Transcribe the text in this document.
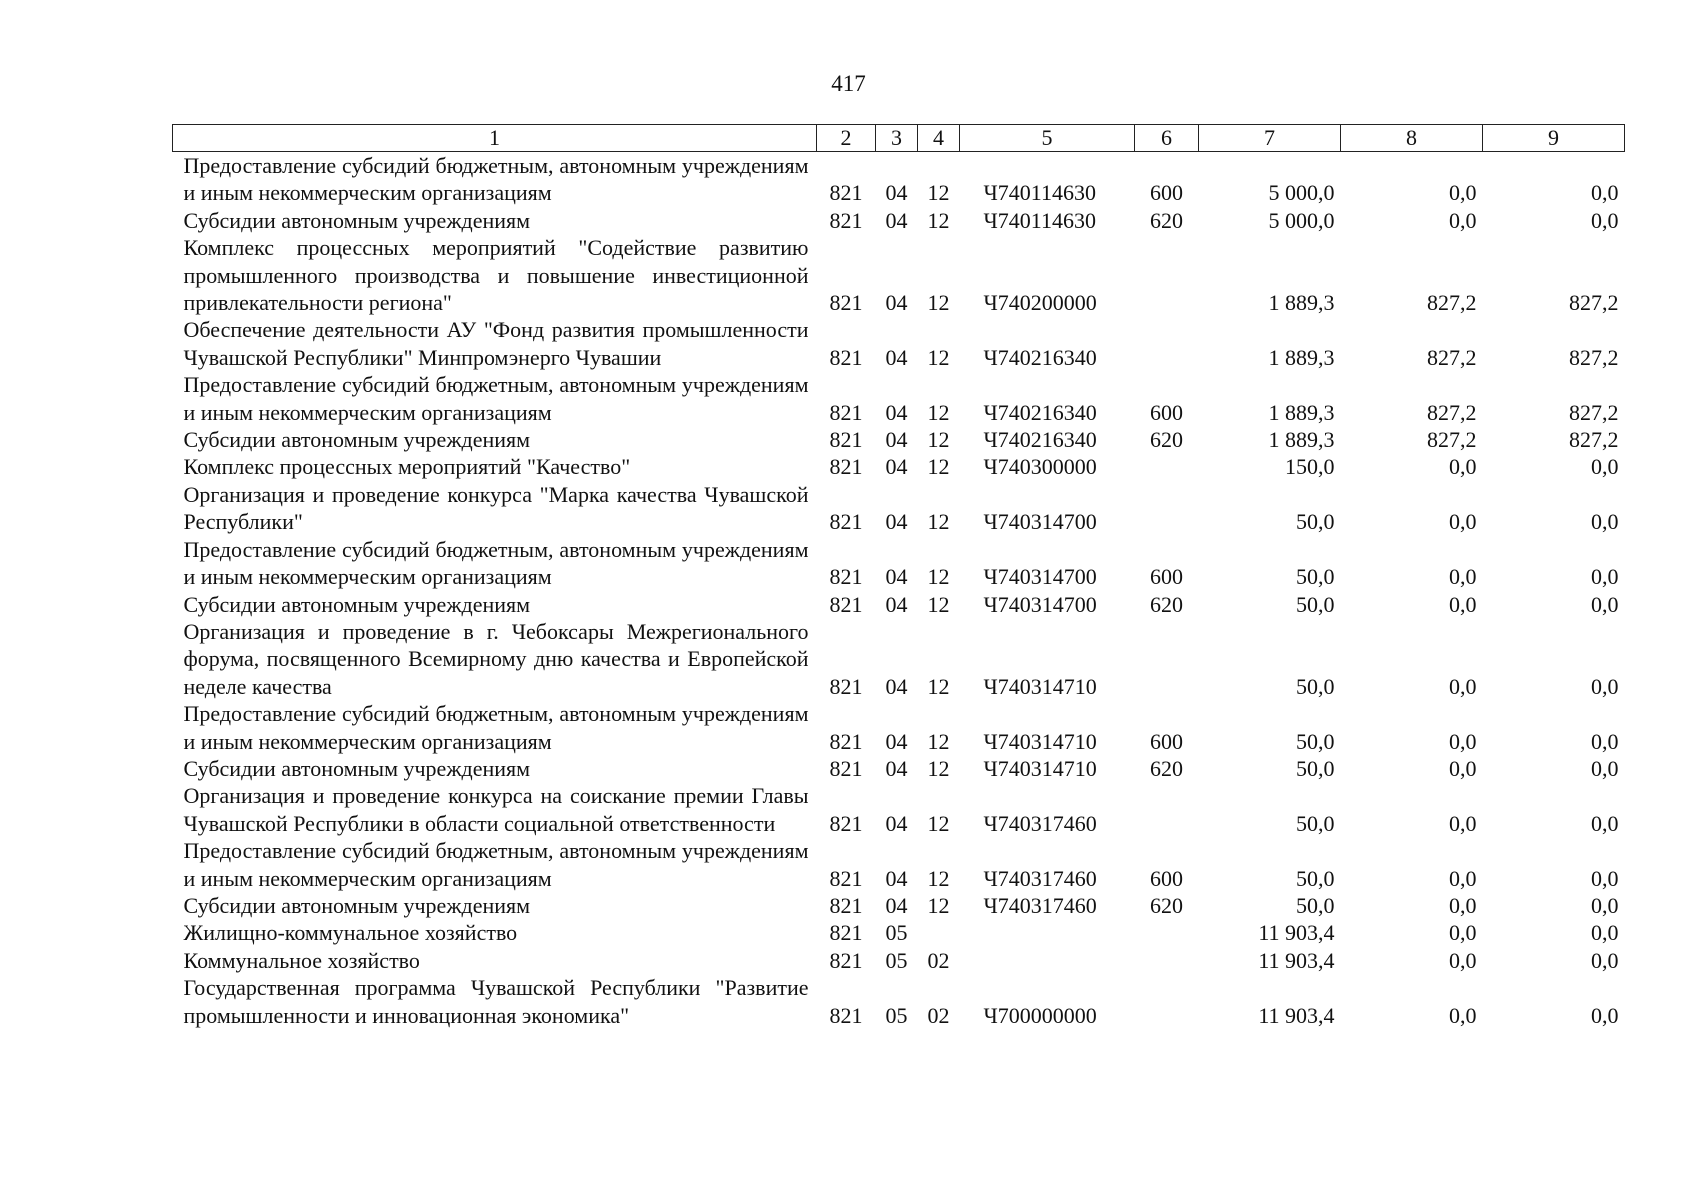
417
1	2	3	4	5	6	7	8	9
Предоставление субсидий бюджетным, автономным учреждениям и иным некоммерческим организациям	821	04	12	Ч740114630	600	5 000,0	0,0	0,0
Субсидии автономным учреждениям	821	04	12	Ч740114630	620	5 000,0	0,0	0,0
Комплекс процессных мероприятий "Содействие развитию промышленного производства и повышение инвестиционной привлекательности региона"	821	04	12	Ч740200000		1 889,3	827,2	827,2
Обеспечение деятельности АУ "Фонд развития промышленности Чувашской Республики" Минпромэнерго Чувашии	821	04	12	Ч740216340		1 889,3	827,2	827,2
Предоставление субсидий бюджетным, автономным учреждениям и иным некоммерческим организациям	821	04	12	Ч740216340	600	1 889,3	827,2	827,2
Субсидии автономным учреждениям	821	04	12	Ч740216340	620	1 889,3	827,2	827,2
Комплекс процессных мероприятий "Качество"	821	04	12	Ч740300000		150,0	0,0	0,0
Организация и проведение конкурса "Марка качества Чувашской Республики"	821	04	12	Ч740314700		50,0	0,0	0,0
Предоставление субсидий бюджетным, автономным учреждениям и иным некоммерческим организациям	821	04	12	Ч740314700	600	50,0	0,0	0,0
Субсидии автономным учреждениям	821	04	12	Ч740314700	620	50,0	0,0	0,0
Организация и проведение в г. Чебоксары Межрегионального форума, посвященного Всемирному дню качества и Европейской неделе качества	821	04	12	Ч740314710		50,0	0,0	0,0
Предоставление субсидий бюджетным, автономным учреждениям и иным некоммерческим организациям	821	04	12	Ч740314710	600	50,0	0,0	0,0
Субсидии автономным учреждениям	821	04	12	Ч740314710	620	50,0	0,0	0,0
Организация и проведение конкурса на соискание премии Главы Чувашской Республики в области социальной ответственности	821	04	12	Ч740317460		50,0	0,0	0,0
Предоставление субсидий бюджетным, автономным учреждениям и иным некоммерческим организациям	821	04	12	Ч740317460	600	50,0	0,0	0,0
Субсидии автономным учреждениям	821	04	12	Ч740317460	620	50,0	0,0	0,0
Жилищно-коммунальное хозяйство	821	05				11 903,4	0,0	0,0
Коммунальное хозяйство	821	05	02			11 903,4	0,0	0,0
Государственная программа Чувашской Республики "Развитие промышленности и инновационная экономика"	821	05	02	Ч700000000		11 903,4	0,0	0,0
